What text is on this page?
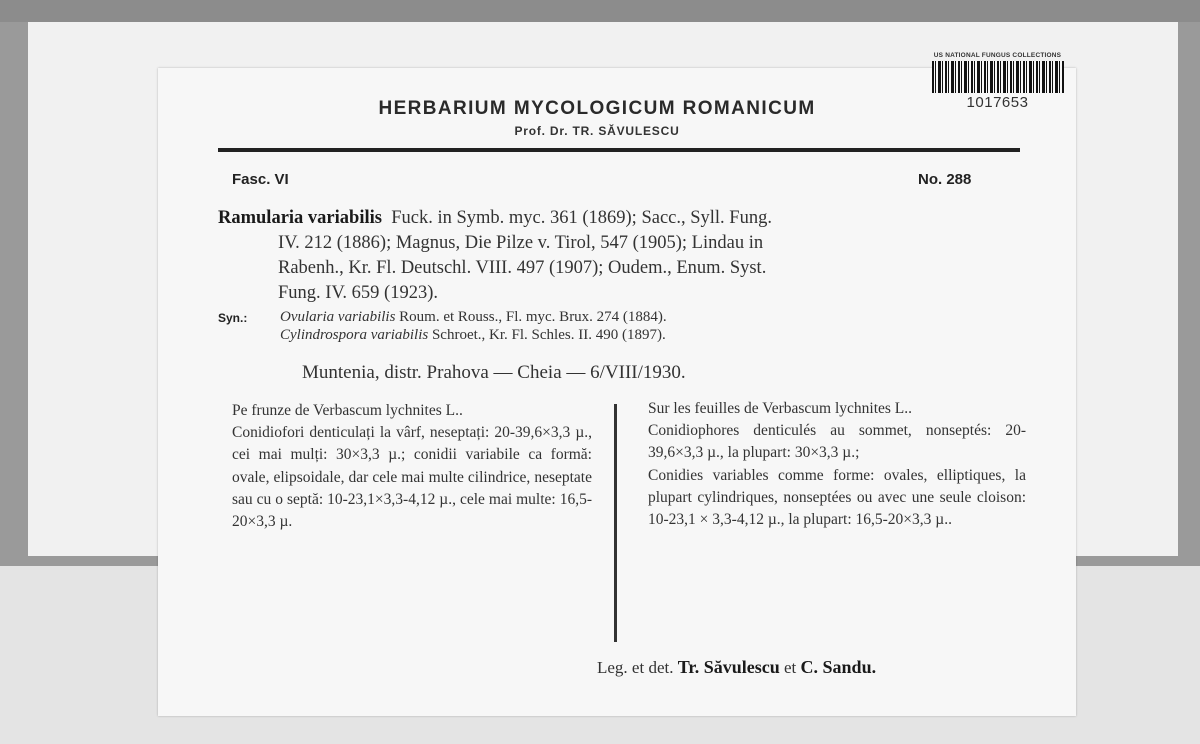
US NATIONAL FUNGUS COLLECTIONS
1017653
HERBARIUM MYCOLOGICUM ROMANICUM
Prof. Dr. TR. SĂVULESCU
Fasc. VI	No. 288
Ramularia variabilis Fuck. in Symb. myc. 361 (1869); Sacc., Syll. Fung.
IV. 212 (1886); Magnus, Die Pilze v. Tirol, 547 (1905); Lindau in
Rabenh., Kr. Fl. Deutschl. VIII. 497 (1907); Oudem., Enum. Syst.
Fung. IV. 659 (1923).
Syn.: Ovularia variabilis Roum. et Rouss., Fl. myc. Brux. 274 (1884).
Cylindrospora variabilis Schroet., Kr. Fl. Schles. II. 490 (1897).
Muntenia, distr. Prahova — Cheia — 6/VIII/1930.

Pe frunze de Verbascum lychnites L..

Conidiofori denticulați la vârf, neseptați: 20-39,6×3,3 µ., cei mai mulți: 30×3,3 µ.; conidii variabile ca formă: ovale, elipsoidale, dar cele mai multe cilindrice, neseptate sau cu o septă: 10-23,1×3,3-4,12 µ., cele mai multe: 16,5-20×3,3 µ.

Sur les feuilles de Verbascum lychnites L..

Conidiophores denticulés au sommet, nonseptés: 20-39,6×3,3 µ., la plupart: 30×3,3 µ.;

Conidies variables comme forme: ovales, elliptiques, la plupart cylindriques, nonseptées ou avec une seule cloison: 10-23,1 × 3,3-4,12 µ., la plupart: 16,5-20×3,3 µ..

Leg. et det. Tr. Săvulescu et C. Sandu.
